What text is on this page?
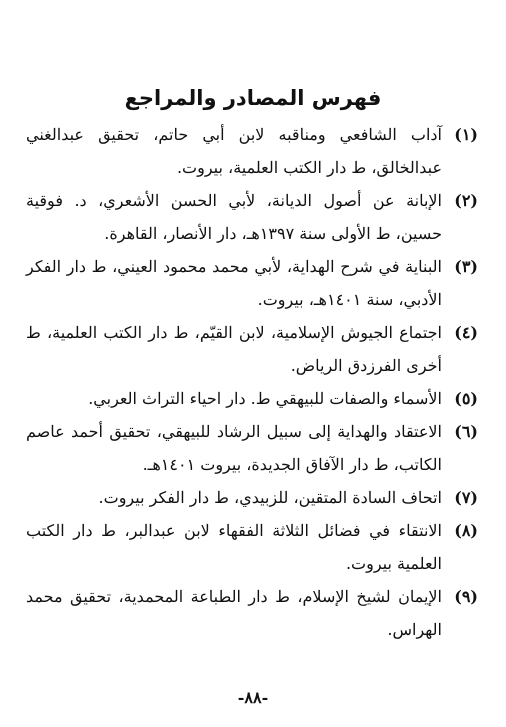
فهرس المصادر والمراجع
(١)
آداب الشافعي ومناقبه لابن أبي حاتم، تحقيق عبدالغني عبدالخالق، ط دار الكتب العلمية، بيروت.
(٢)
الإبانة عن أصول الديانة، لأبي الحسن الأشعري، د. فوقية حسين، ط الأولى سنة ١٣٩٧هـ، دار الأنصار، القاهرة.
(٣)
البناية في شرح الهداية، لأبي محمد محمود العيني، ط دار الفكر الأدبي، سنة ١٤٠١هـ، بيروت.
(٤)
اجتماع الجيوش الإسلامية، لابن القيّم، ط دار الكتب العلمية، ط أخرى الفرزدق الرياض.
(٥)
الأسماء والصفات للبيهقي ط. دار احياء التراث العربي.
(٦)
الاعتقاد والهداية إلى سبيل الرشاد للبيهقي، تحقيق أحمد عاصم الكاتب، ط دار الآفاق الجديدة، بيروت ١٤٠١هـ.
(٧)
اتحاف السادة المتقين، للزبيدي، ط دار الفكر بيروت.
(٨)
الانتقاء في فضائل الثلاثة الفقهاء لابن عبدالبر، ط دار الكتب العلمية بيروت.
(٩)
الإيمان لشيخ الإسلام، ط دار الطباعة المحمدية، تحقيق محمد الهراس.
-٨٨-
